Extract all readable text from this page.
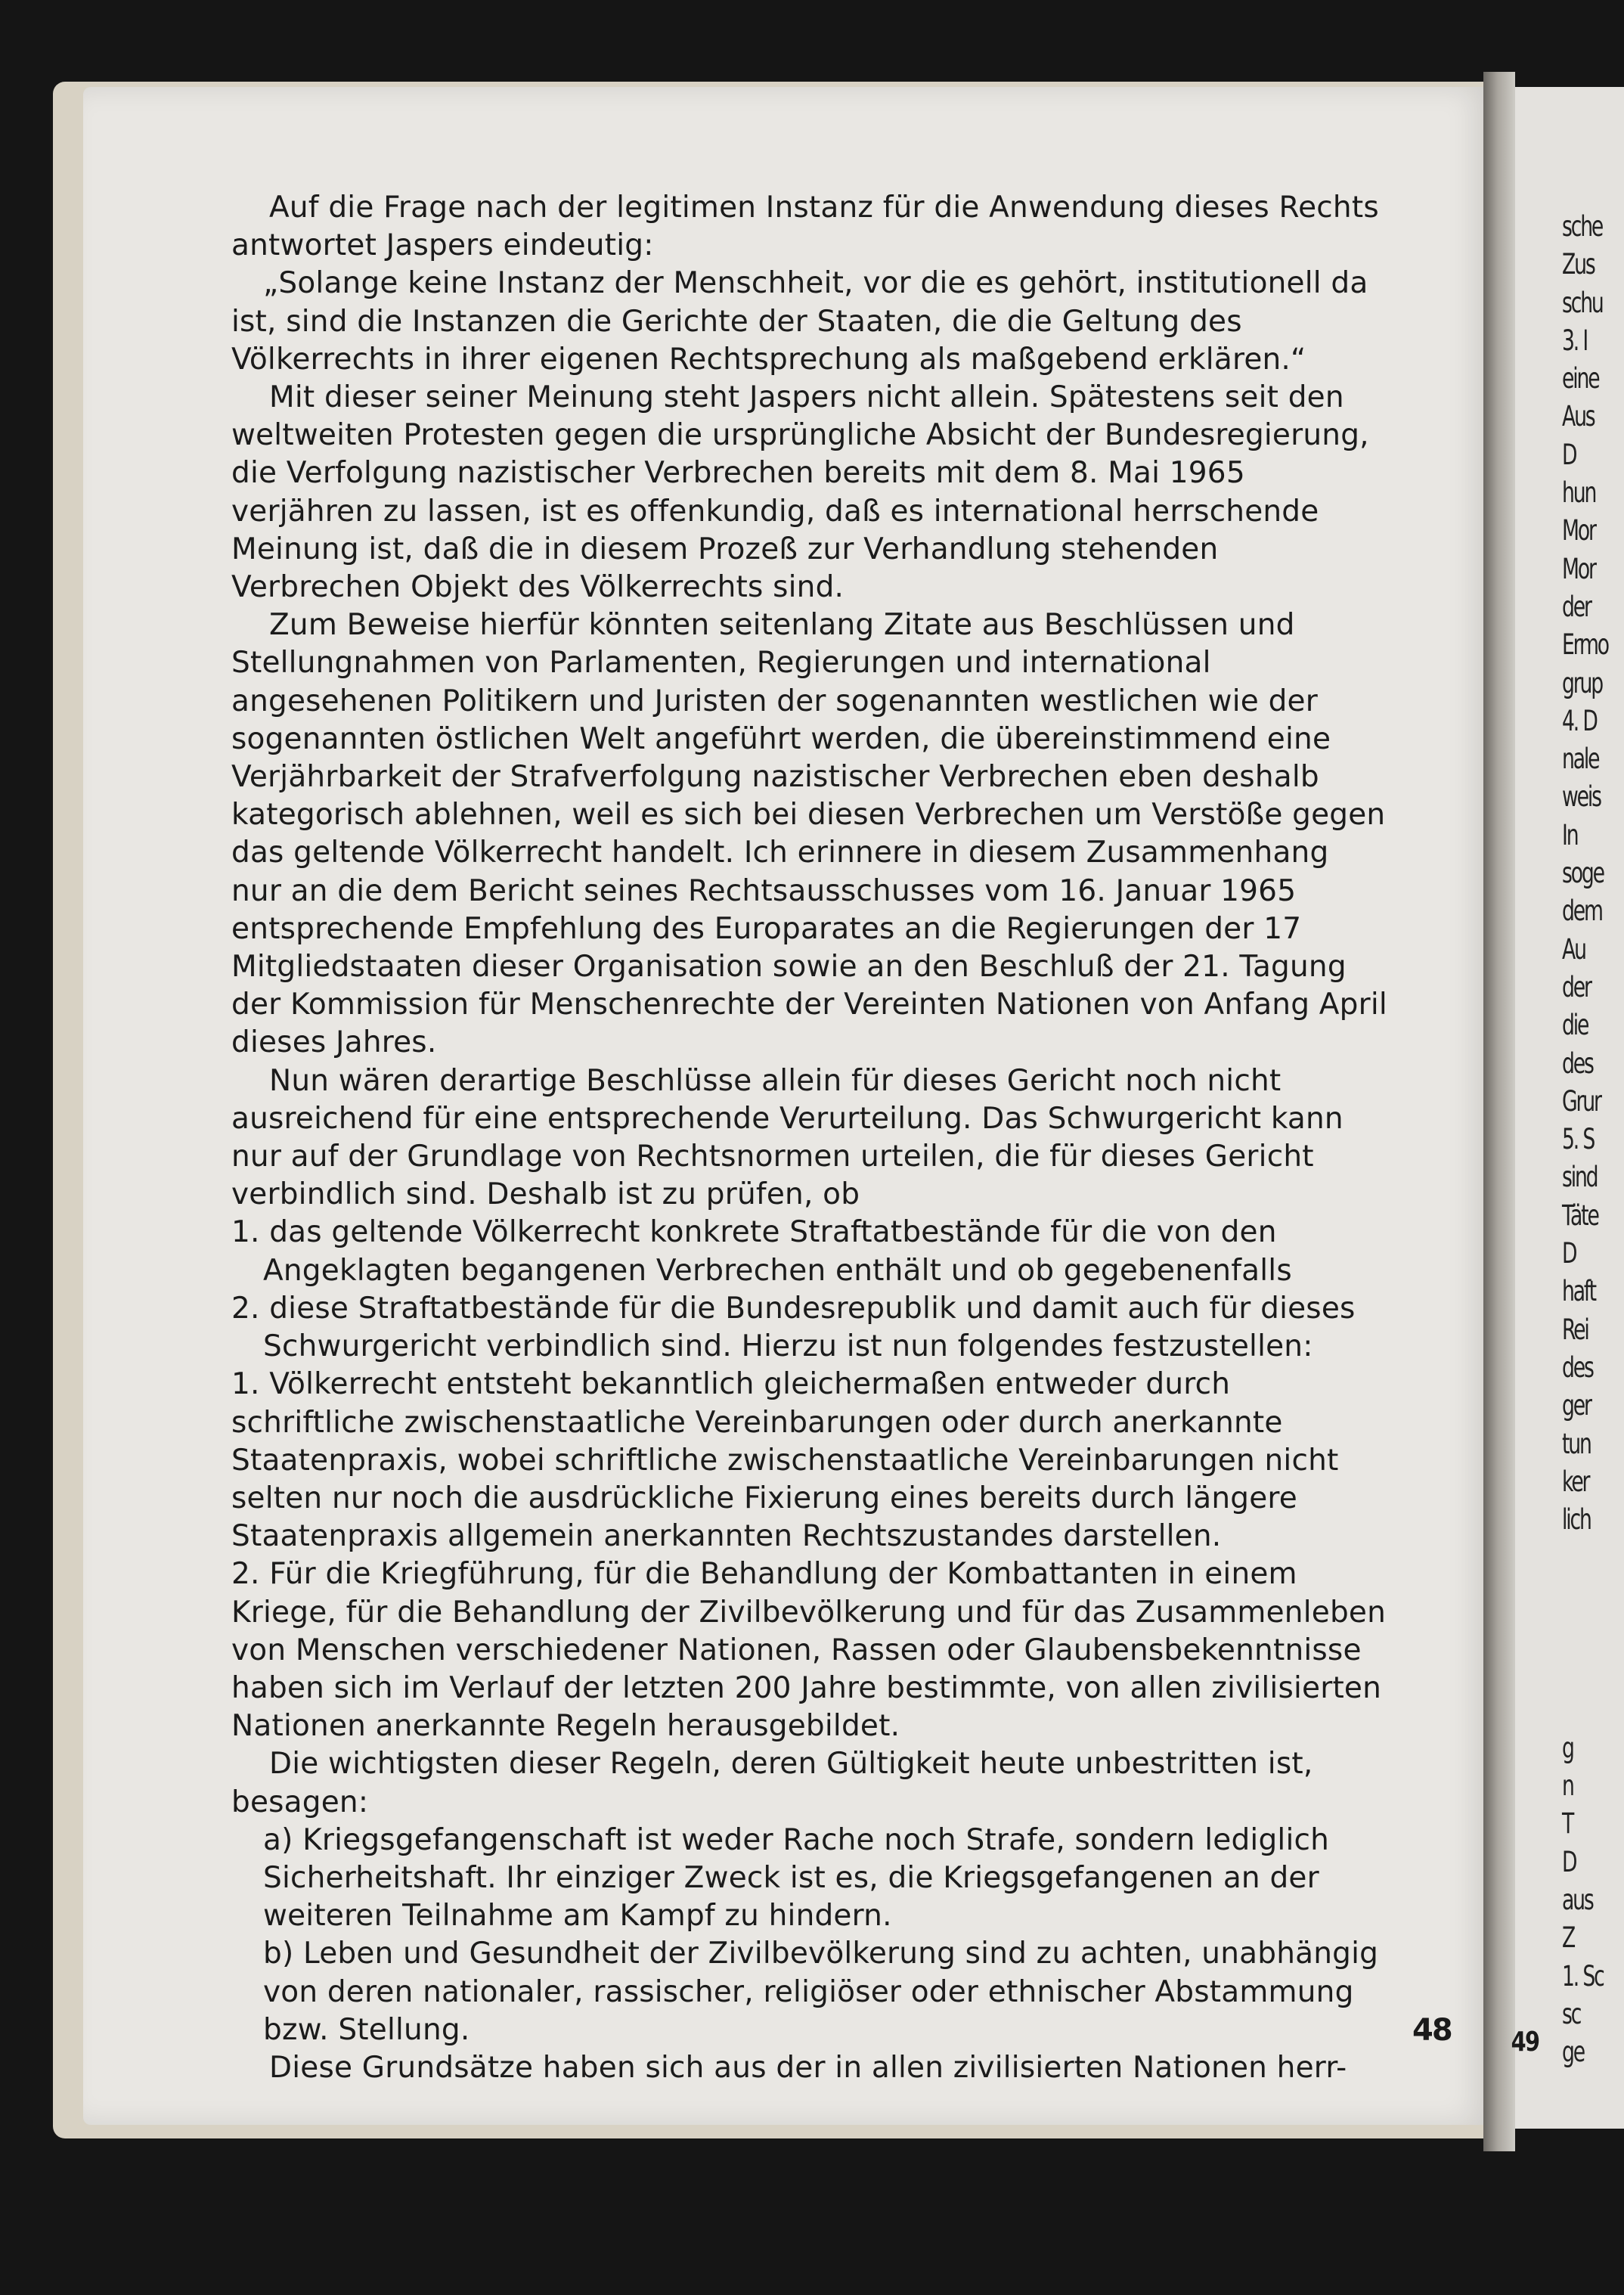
sche
Zus
schu
3. I
eine
Aus
D
hun
Mor
Mor
der
Ermo
grup
4. D
nale
weis
In
soge
dem
Au
der
die
des
Grur
5. S
sind
Täte
D
haft
Rei
des
ger
tun
ker
lich
g
n
T
D
aus
Z
1. Sc
sc
ge

Auf die Frage nach der legitimen Instanz für die Anwendung dieses Rechts antwortet Jaspers eindeutig:

„Solange keine Instanz der Menschheit, vor die es gehört, institutionell da ist, sind die Instanzen die Gerichte der Staaten, die die Geltung des Völkerrechts in ihrer eigenen Rechtsprechung als maßgebend erklären.“

Mit dieser seiner Meinung steht Jaspers nicht allein. Spätestens seit den weltweiten Protesten gegen die ursprüngliche Absicht der Bundesregierung, die Verfolgung nazistischer Verbrechen bereits mit dem 8. Mai 1965 verjähren zu lassen, ist es offenkundig, daß es international herrschende Meinung ist, daß die in diesem Prozeß zur Verhandlung stehenden Verbrechen Objekt des Völkerrechts sind.

Zum Beweise hierfür könnten seitenlang Zitate aus Beschlüssen und Stellungnahmen von Parlamenten, Regierungen und international angesehenen Politikern und Juristen der sogenannten westlichen wie der sogenannten östlichen Welt angeführt werden, die übereinstimmend eine Verjährbarkeit der Strafverfolgung nazistischer Verbrechen eben deshalb kategorisch ablehnen, weil es sich bei diesen Verbrechen um Verstöße gegen das geltende Völkerrecht handelt. Ich erinnere in diesem Zusammenhang nur an die dem Bericht seines Rechtsausschusses vom 16. Januar 1965 entsprechende Empfehlung des Europarates an die Regierungen der 17 Mitgliedstaaten dieser Organisation sowie an den Beschluß der 21. Tagung der Kommission für Menschenrechte der Vereinten Nationen von Anfang April dieses Jahres.

Nun wären derartige Beschlüsse allein für dieses Gericht noch nicht ausreichend für eine entsprechende Verurteilung. Das Schwurgericht kann nur auf der Grundlage von Rechtsnormen urteilen, die für dieses Gericht verbindlich sind. Deshalb ist zu prüfen, ob

1. das geltende Völkerrecht konkrete Straftatbestände für die von den Angeklagten begangenen Verbrechen enthält und ob gegebenenfalls

2. diese Straftatbestände für die Bundesrepublik und damit auch für dieses Schwurgericht verbindlich sind. Hierzu ist nun folgendes festzustellen:

1. Völkerrecht entsteht bekanntlich gleichermaßen entweder durch schriftliche zwischenstaatliche Vereinbarungen oder durch anerkannte Staatenpraxis, wobei schriftliche zwischenstaatliche Vereinbarungen nicht selten nur noch die ausdrückliche Fixierung eines bereits durch längere Staatenpraxis allgemein anerkannten Rechtszustandes darstellen.

2. Für die Kriegführung, für die Behandlung der Kombattanten in einem Kriege, für die Behandlung der Zivilbevölkerung und für das Zusammenleben von Menschen verschiedener Nationen, Rassen oder Glaubensbekenntnisse haben sich im Verlauf der letzten 200 Jahre bestimmte, von allen zivilisierten Nationen anerkannte Regeln herausgebildet.

Die wichtigsten dieser Regeln, deren Gültigkeit heute unbestritten ist, besagen:

a) Kriegsgefangenschaft ist weder Rache noch Strafe, sondern lediglich Sicherheitshaft. Ihr einziger Zweck ist es, die Kriegsgefangenen an der weiteren Teilnahme am Kampf zu hindern.

b) Leben und Gesundheit der Zivilbevölkerung sind zu achten, unabhängig von deren nationaler, rassischer, religiöser oder ethnischer Abstammung bzw. Stellung.

Diese Grundsätze haben sich aus der in allen zivilisierten Nationen herr-

48 49
